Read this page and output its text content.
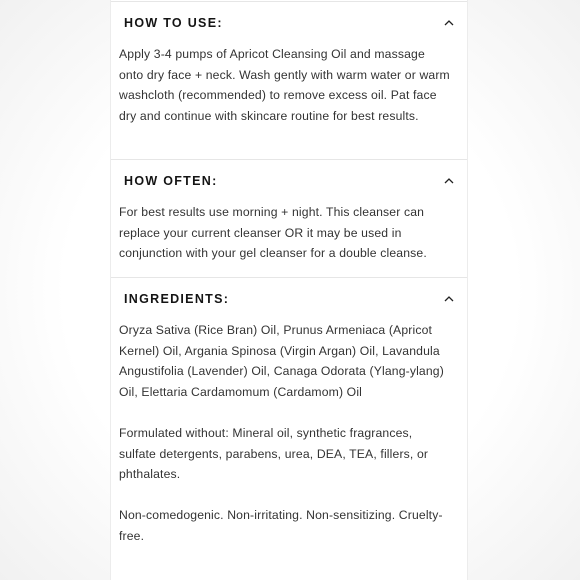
HOW TO USE:

Apply 3-4 pumps of Apricot Cleansing Oil and massage onto dry face + neck. Wash gently with warm water or warm washcloth (recommended) to remove excess oil. Pat face dry and continue with skincare routine for best results.

HOW OFTEN:

For best results use morning + night. This cleanser can replace your current cleanser OR it may be used in conjunction with your gel cleanser for a double cleanse.

INGREDIENTS:

Oryza Sativa (Rice Bran) Oil, Prunus Armeniaca (Apricot Kernel) Oil, Argania Spinosa (Virgin Argan) Oil, Lavandula Angustifolia (Lavender) Oil, Canaga Odorata (Ylang-ylang) Oil, Elettaria Cardamomum (Cardamom) Oil

Formulated without: Mineral oil, synthetic fragrances, sulfate detergents, parabens, urea, DEA, TEA, fillers, or phthalates.

Non-comedogenic. Non-irritating. Non-sensitizing. Cruelty-free.
